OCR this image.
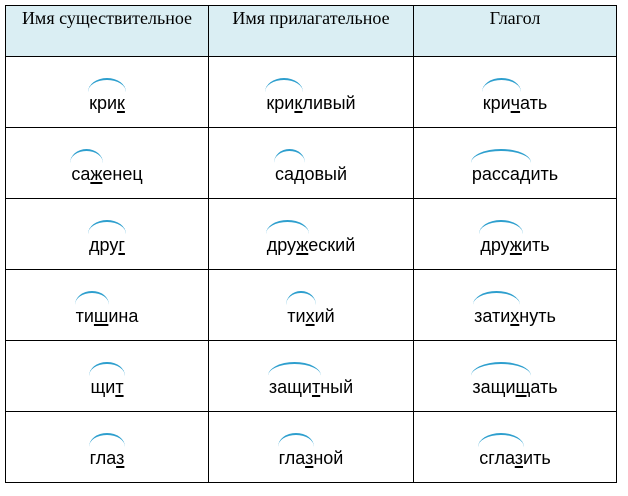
Имя существительное	Имя прилагательное	Глагол

крик	крикливый	кричать

саженец	садовый	рассадить

друг	дружеский	дружить

тишина	тихий	затихнуть

щит	защитный	защищать

глаз	глазной	сглазить
